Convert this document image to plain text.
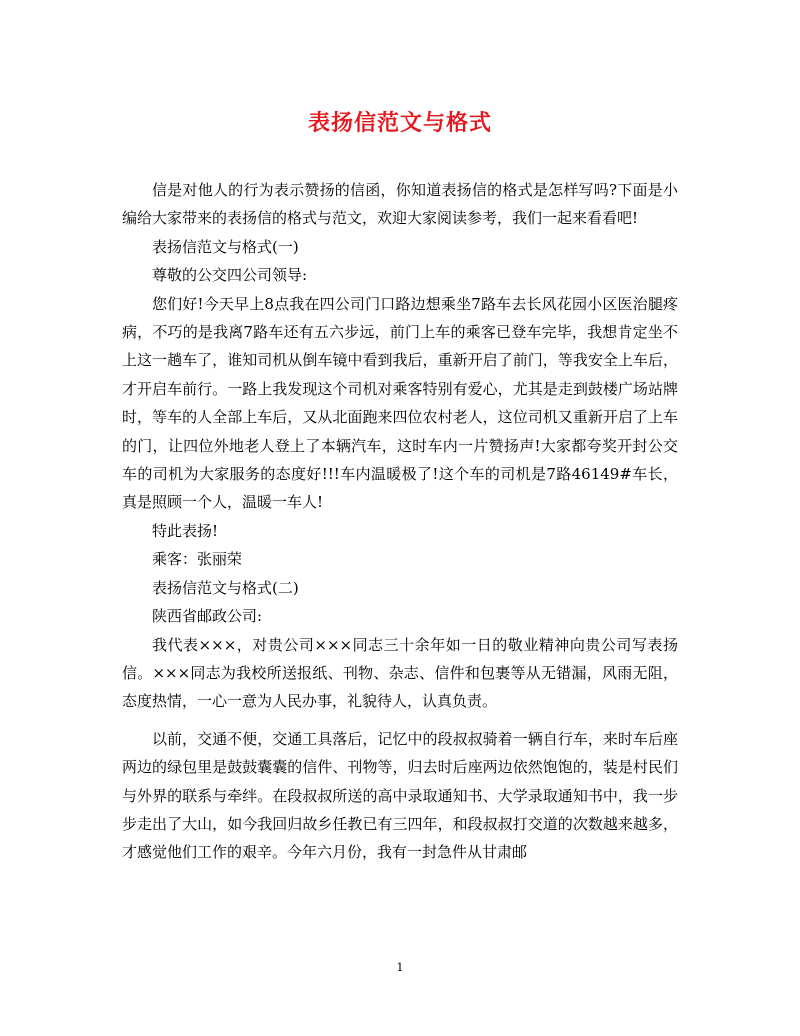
表扬信范文与格式

信是对他人的行为表示赞扬的信函，你知道表扬信的格式是怎样写吗?下面是小编给大家带来的表扬信的格式与范文，欢迎大家阅读参考，我们一起来看看吧!

表扬信范文与格式(一)

尊敬的公交四公司领导:

您们好!今天早上8点我在四公司门口路边想乘坐7路车去长风花园小区医治腿疼病，不巧的是我离7路车还有五六步远，前门上车的乘客已登车完毕，我想肯定坐不上这一趟车了，谁知司机从倒车镜中看到我后，重新开启了前门，等我安全上车后，才开启车前行。一路上我发现这个司机对乘客特别有爱心，尤其是走到鼓楼广场站牌时，等车的人全部上车后，又从北面跑来四位农村老人，这位司机又重新开启了上车的门，让四位外地老人登上了本辆汽车，这时车内一片赞扬声!大家都夸奖开封公交车的司机为大家服务的态度好!!!车内温暖极了!这个车的司机是7路46149#车长，真是照顾一个人，温暖一车人!

特此表扬!

乘客：张丽荣

表扬信范文与格式(二)

陕西省邮政公司:

我代表×××，对贵公司×××同志三十余年如一日的敬业精神向贵公司写表扬信。×××同志为我校所送报纸、刊物、杂志、信件和包裹等从无错漏，风雨无阻，态度热情，一心一意为人民办事，礼貌待人，认真负责。

以前，交通不便，交通工具落后，记忆中的段叔叔骑着一辆自行车，来时车后座两边的绿包里是鼓鼓囊囊的信件、刊物等，归去时后座两边依然饱饱的，装是村民们与外界的联系与牵绊。在段叔叔所送的高中录取通知书、大学录取通知书中，我一步步走出了大山，如今我回归故乡任教已有三四年，和段叔叔打交道的次数越来越多，才感觉他们工作的艰辛。今年六月份，我有一封急件从甘肃邮

1
